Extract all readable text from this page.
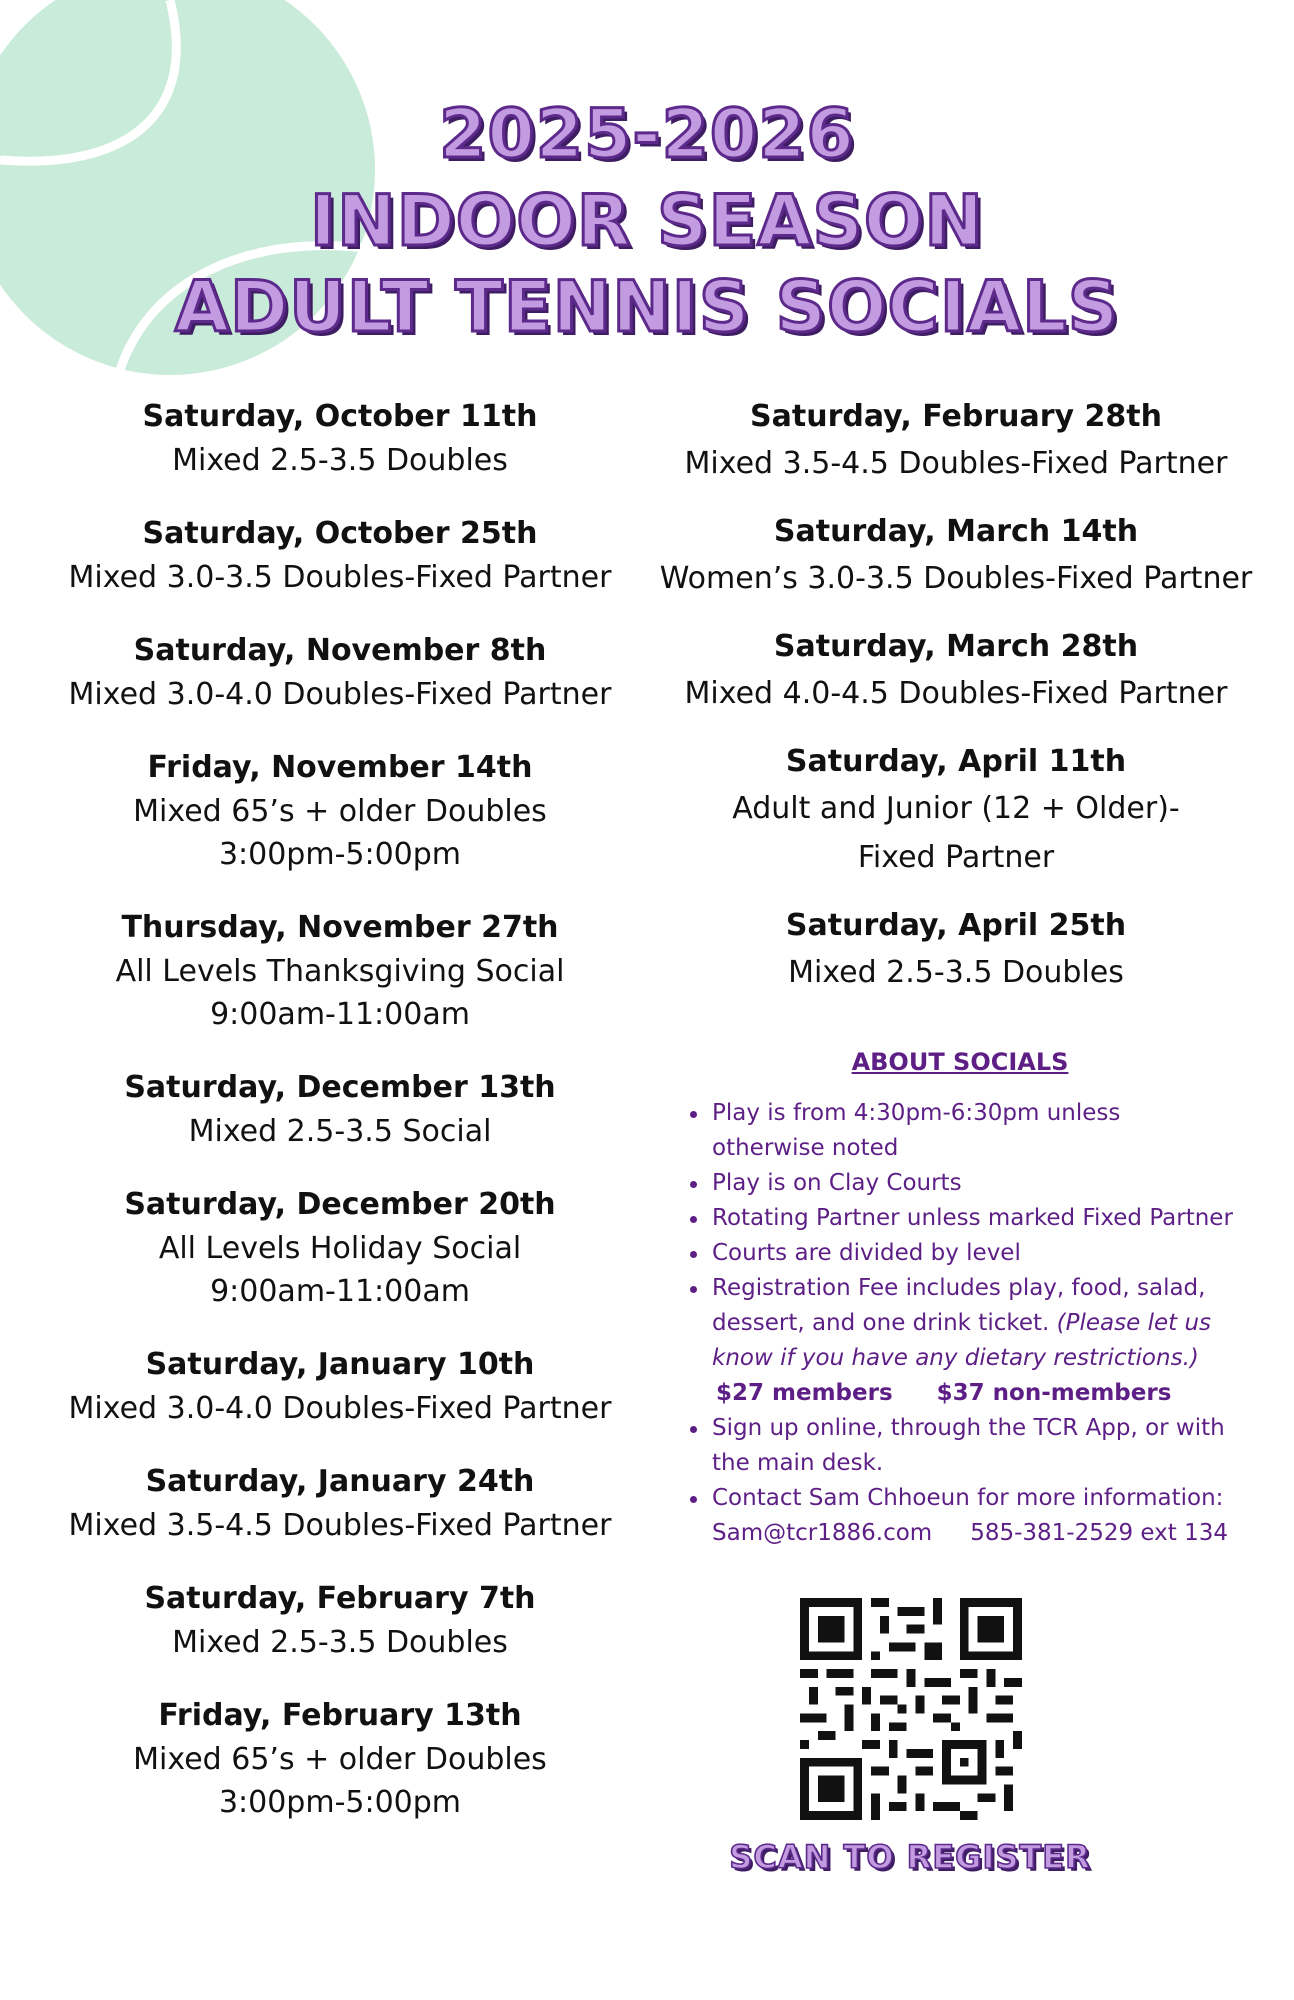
2025-2026
INDOOR SEASON
ADULT TENNIS SOCIALS
Saturday, October 11th
Mixed 2.5-3.5 Doubles
Saturday, October 25th
Mixed 3.0-3.5 Doubles-Fixed Partner
Saturday, November 8th
Mixed 3.0-4.0 Doubles-Fixed Partner
Friday, November 14th
Mixed 65’s + older Doubles
3:00pm-5:00pm
Thursday, November 27th
All Levels Thanksgiving Social
9:00am-11:00am
Saturday, December 13th
Mixed 2.5-3.5 Social
Saturday, December 20th
All Levels Holiday Social
9:00am-11:00am
Saturday, January 10th
Mixed 3.0-4.0 Doubles-Fixed Partner
Saturday, January 24th
Mixed 3.5-4.5 Doubles-Fixed Partner
Saturday, February 7th
Mixed 2.5-3.5 Doubles
Friday, February 13th
Mixed 65’s + older Doubles
3:00pm-5:00pm
Saturday, February 28th
Mixed 3.5-4.5 Doubles-Fixed Partner
Saturday, March 14th
Women’s 3.0-3.5 Doubles-Fixed Partner
Saturday, March 28th
Mixed 4.0-4.5 Doubles-Fixed Partner
Saturday, April 11th
Adult and Junior (12 + Older)-Fixed Partner
Saturday, April 25th
Mixed 2.5-3.5 Doubles
ABOUT SOCIALS
Play is from 4:30pm-6:30pm unless otherwise noted
Play is on Clay Courts
Rotating Partner unless marked Fixed Partner
Courts are divided by level
Registration Fee includes play, food, salad, dessert, and one drink ticket. (Please let us know if you have any dietary restrictions.)
$27 members $37 non-members
Sign up online, through the TCR App, or with the main desk.
Contact Sam Chhoeun for more information:
Sam@tcr1886.com 585-381-2529 ext 134
SCAN TO REGISTER
